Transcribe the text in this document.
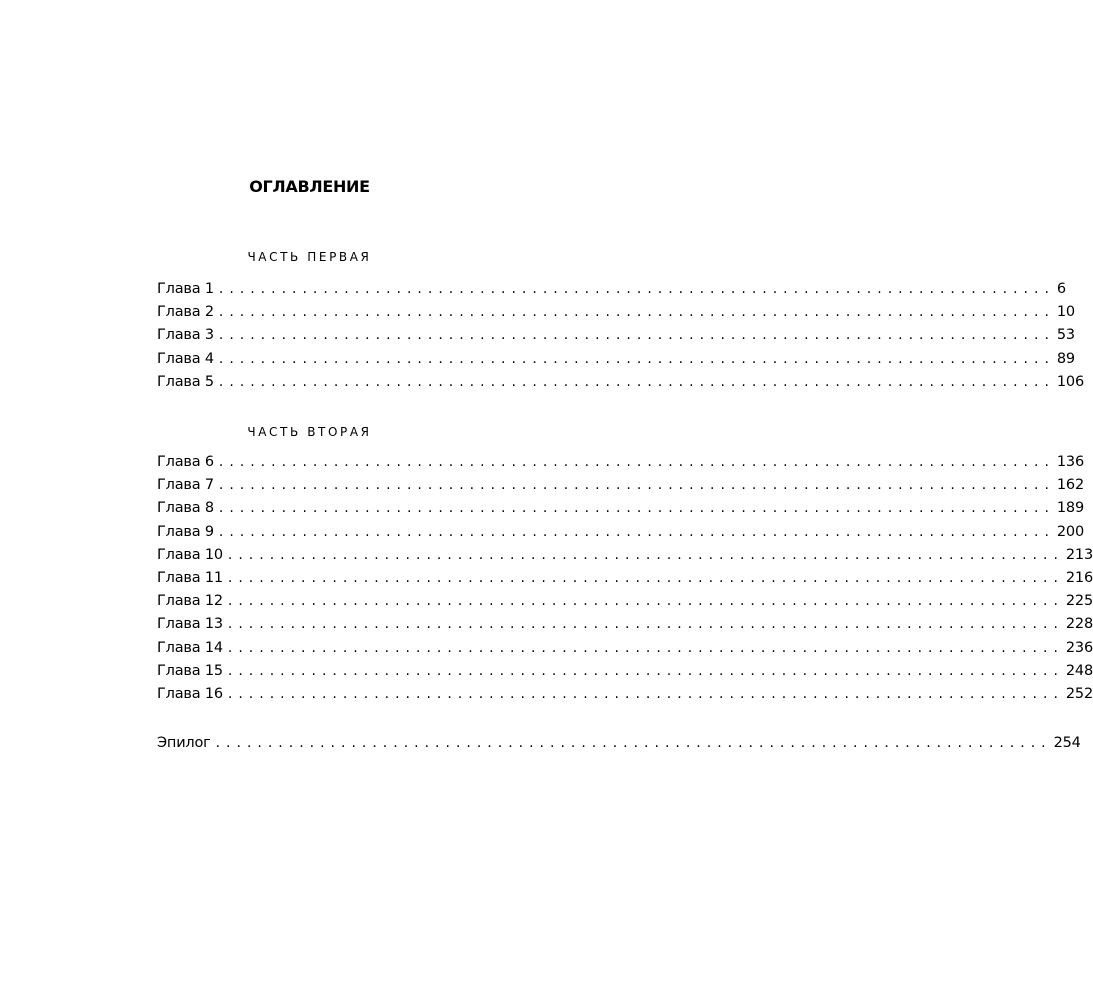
ОГЛАВЛЕНИЕ
ЧАСТЬ ПЕРВАЯ
Глава 1 ................................................................................ 6
Глава 2 ................................................................................ 10
Глава 3 ................................................................................ 53
Глава 4 ................................................................................ 89
Глава 5 ................................................................................ 106
ЧАСТЬ ВТОРАЯ
Глава 6 ................................................................................ 136
Глава 7 ................................................................................ 162
Глава 8 ................................................................................ 189
Глава 9 ................................................................................ 200
Глава 10 ................................................................................ 213
Глава 11 ................................................................................ 216
Глава 12 ................................................................................ 225
Глава 13 ................................................................................ 228
Глава 14 ................................................................................ 236
Глава 15 ................................................................................ 248
Глава 16 ................................................................................ 252
Эпилог ................................................................................ 254
